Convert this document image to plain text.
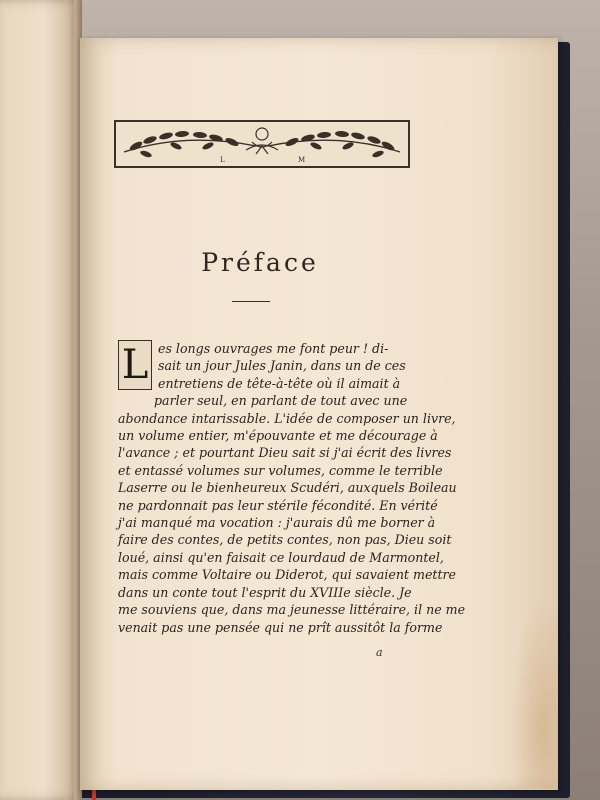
L	M
Préface
L es longs ouvrages me font peur ! di-
sait un jour Jules Janin, dans un de ces
entretiens de tête-à-tête où il aimait à
parler seul, en parlant de tout avec une
abondance intarissable. L'idée de composer un livre,
un volume entier, m'épouvante et me décourage à
l'avance ; et pourtant Dieu sait si j'ai écrit des livres
et entassé volumes sur volumes, comme le terrible
Laserre ou le bienheureux Scudéri, auxquels Boileau
ne pardonnait pas leur stérile fécondité. En vérité
j'ai manqué ma vocation : j'aurais dû me borner à
faire des contes, de petits contes, non pas, Dieu soit
loué, ainsi qu'en faisait ce lourdaud de Marmontel,
mais comme Voltaire ou Diderot, qui savaient mettre
dans un conte tout l'esprit du XVIIIe siècle. Je
me souviens que, dans ma jeunesse littéraire, il ne me
venait pas une pensée qui ne prît aussitôt la forme
a
